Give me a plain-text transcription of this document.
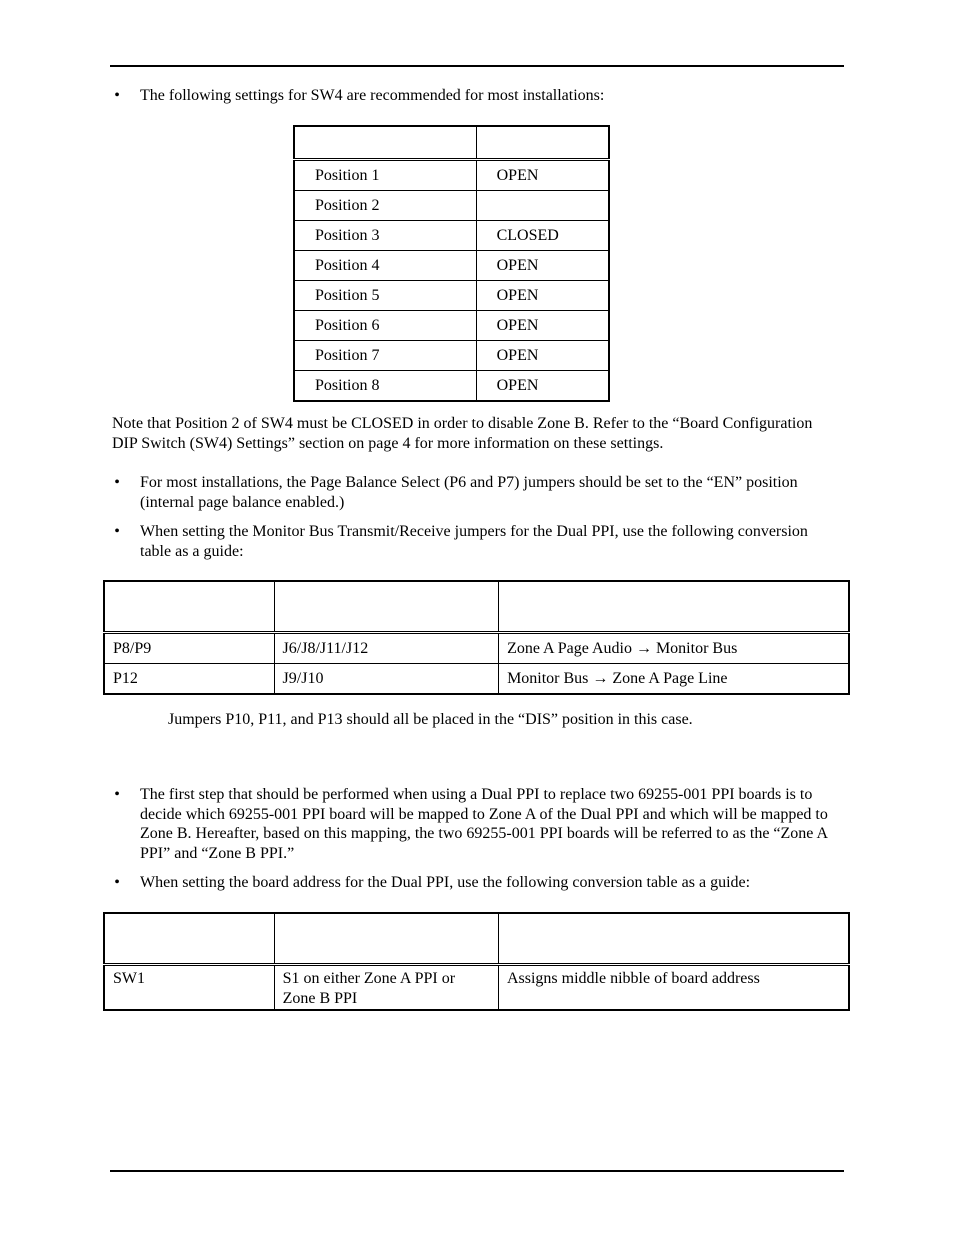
• The following settings for SW4 are recommended for most installations:

Position 1	OPEN
Position 2	
Position 3	CLOSED
Position 4	OPEN
Position 5	OPEN
Position 6	OPEN
Position 7	OPEN
Position 8	OPEN
Note that Position 2 of SW4 must be CLOSED in order to disable Zone B. Refer to the “Board Configuration DIP Switch (SW4) Settings” section on page 4 for more information on these settings.
• For most installations, the Page Balance Select (P6 and P7) jumpers should be set to the “EN” position (internal page balance enabled.)
• When setting the Monitor Bus Transmit/Receive jumpers for the Dual PPI, use the following conversion table as a guide:

P8/P9	J6/J8/J11/J12	Zone A Page Audio → Monitor Bus
P12	J9/J10	Monitor Bus → Zone A Page Line
Jumpers P10, P11, and P13 should all be placed in the “DIS” position in this case.
• The first step that should be performed when using a Dual PPI to replace two 69255-001 PPI boards is to decide which 69255-001 PPI board will be mapped to Zone A of the Dual PPI and which will be mapped to Zone B. Hereafter, based on this mapping, the two 69255-001 PPI boards will be referred to as the “Zone A PPI” and “Zone B PPI.”
• When setting the board address for the Dual PPI, use the following conversion table as a guide:

SW1	S1 on either Zone A PPI or Zone B PPI	Assigns middle nibble of board address
